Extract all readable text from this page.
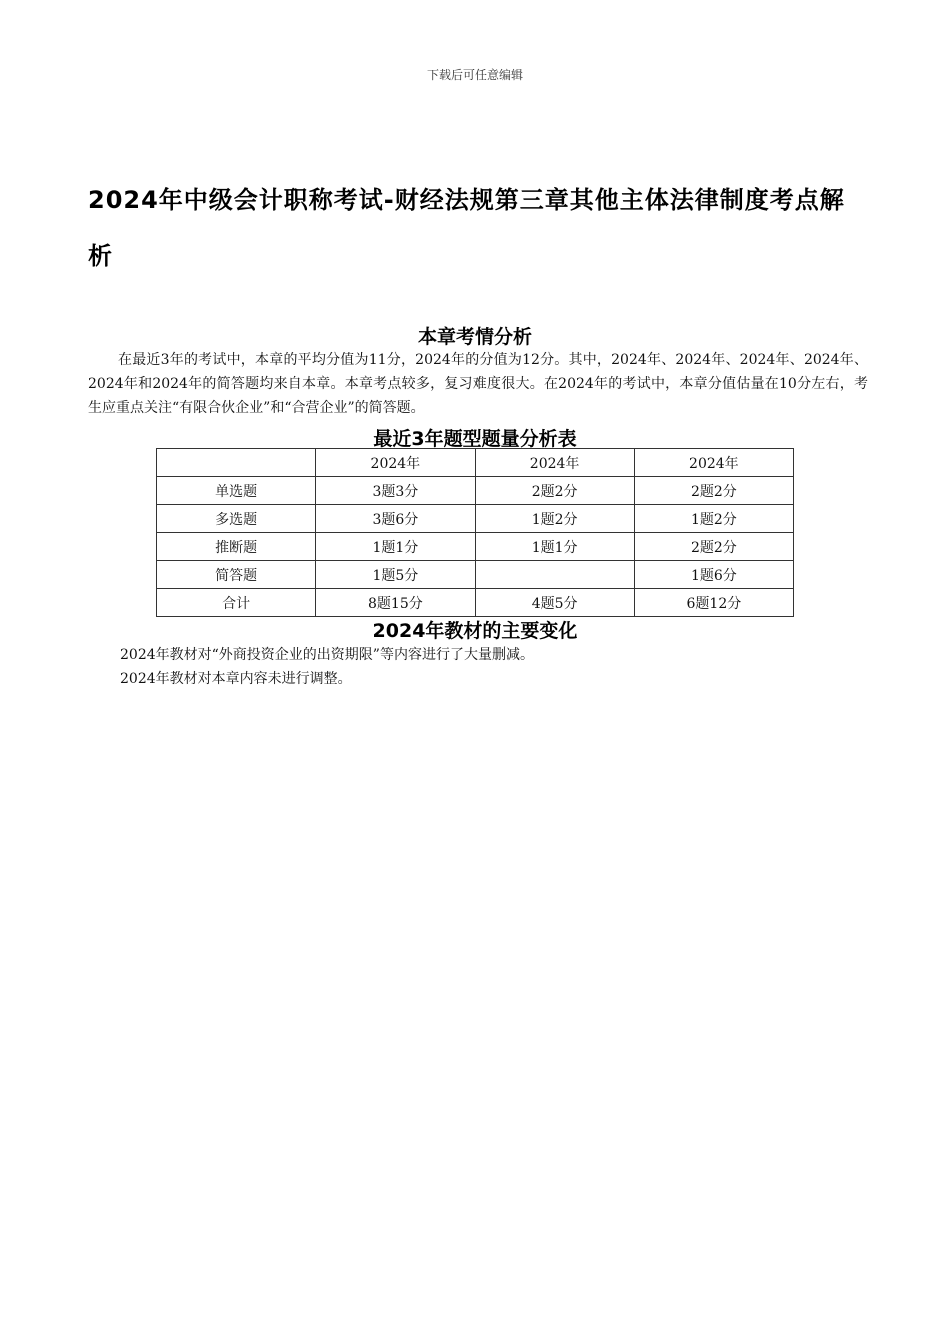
下载后可任意编辑
2024年中级会计职称考试-财经法规第三章其他主体法律制度考点解析
本章考情分析

在最近3年的考试中，本章的平均分值为11分，2024年的分值为12分。其中，2024年、2024年、2024年、2024年、2024年和2024年的简答题均来自本章。本章考点较多，复习难度很大。在2024年的考试中，本章分值估量在10分左右，考生应重点关注“有限合伙企业”和“合营企业”的简答题。

最近3年题型题量分析表
	2024年	2024年	2024年
单选题	3题3分	2题2分	2题2分
多选题	3题6分	1题2分	1题2分
推断题	1题1分	1题1分	2题2分
简答题	1题5分		1题6分
合计	8题15分	4题5分	6题12分
2024年教材的主要变化

2024年教材对“外商投资企业的出资期限”等内容进行了大量删减。

2024年教材对本章内容未进行调整。
